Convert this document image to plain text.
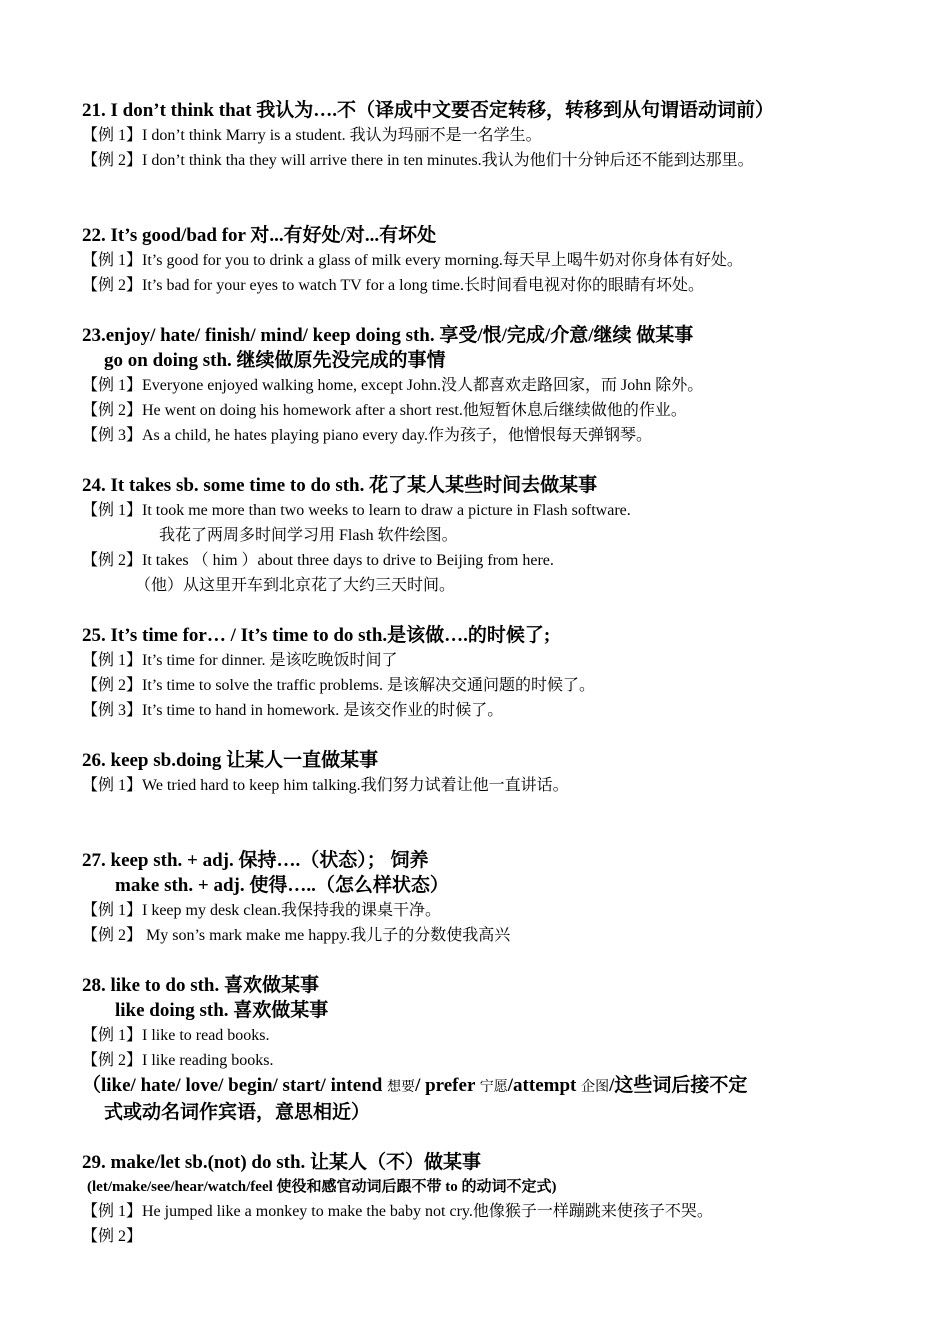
21. I don’t think that 我认为….不（译成中文要否定转移，转移到从句谓语动词前）
【例 1】I don’t think Marry is a student. 我认为玛丽不是一名学生。
【例 2】I don’t think tha they will arrive there in ten minutes.我认为他们十分钟后还不能到达那里。
22. It’s good/bad for 对...有好处/对...有坏处
【例 1】It’s good for you to drink a glass of milk every morning.每天早上喝牛奶对你身体有好处。
【例 2】It’s bad for your eyes to watch TV for a long time.长时间看电视对你的眼睛有坏处。
23.enjoy/ hate/ finish/ mind/ keep doing sth. 享受/恨/完成/介意/继续 做某事
go on doing sth. 继续做原先没完成的事情
【例 1】Everyone enjoyed walking home, except John.没人都喜欢走路回家，而 John 除外。
【例 2】He went on doing his homework after a short rest.他短暂休息后继续做他的作业。
【例 3】As a child, he hates playing piano every day.作为孩子，他憎恨每天弹钢琴。
24. It takes sb. some time to do sth. 花了某人某些时间去做某事
【例 1】It took me more than two weeks to learn to draw a picture in Flash software.
我花了两周多时间学习用 Flash 软件绘图。
【例 2】It takes （ him ）about three days to drive to Beijing from here.
（他）从这里开车到北京花了大约三天时间。
25. It’s time for… / It’s time to do sth.是该做….的时候了;
【例 1】It’s time for dinner. 是该吃晚饭时间了
【例 2】It’s time to solve the traffic problems. 是该解决交通问题的时候了。
【例 3】It’s time to hand in homework. 是该交作业的时候了。
26. keep sb.doing 让某人一直做某事
【例 1】We tried hard to keep him talking.我们努力试着让他一直讲话。
27. keep sth. + adj. 保持….（状态）； 饲养
make sth. + adj. 使得…..（怎么样状态）
【例 1】I keep my desk clean.我保持我的课桌干净。
【例 2】 My son’s mark make me happy.我儿子的分数使我高兴
28. like to do sth. 喜欢做某事
like doing sth. 喜欢做某事
【例 1】I like to read books.
【例 2】I like reading books.
（like/ hate/ love/ begin/ start/ intend 想要/ prefer 宁愿/attempt 企图/这些词后接不定
式或动名词作宾语，意思相近）
29. make/let sb.(not) do sth. 让某人（不）做某事
(let/make/see/hear/watch/feel 使役和感官动词后跟不带 to 的动词不定式)
【例 1】He jumped like a monkey to make the baby not cry.他像猴子一样蹦跳来使孩子不哭。
【例 2】
